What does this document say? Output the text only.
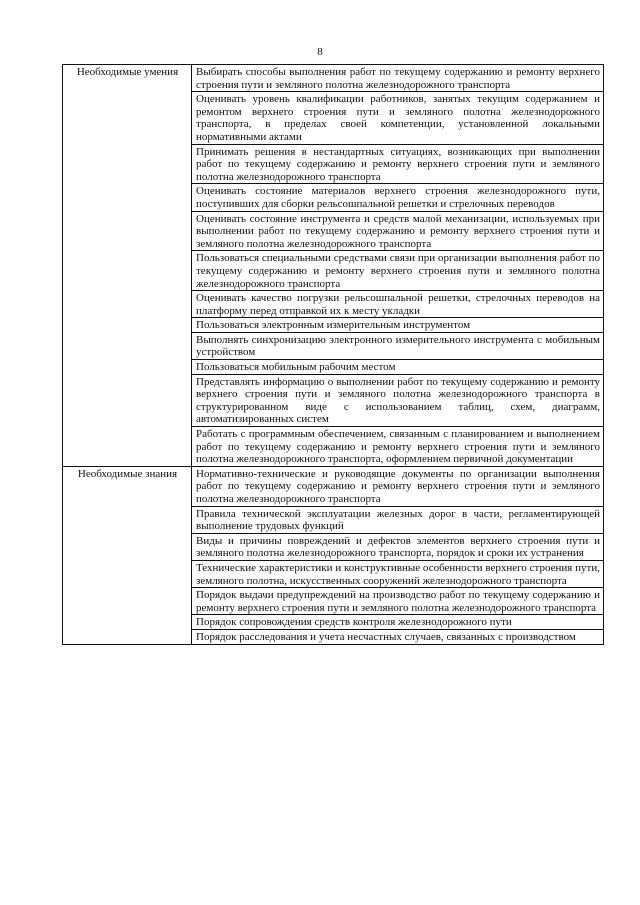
8
Необходимые умения	Выбирать способы выполнения работ по текущему содержанию и ремонту верхнего строения пути и земляного полотна железнодорожного транспорта
	Оценивать уровень квалификации работников, занятых текущим содержанием и ремонтом верхнего строения пути и земляного полотна железнодорожного транспорта, в пределах своей компетенции, установленной локальными нормативными актами
	Принимать решения в нестандартных ситуациях, возникающих при выполнении работ по текущему содержанию и ремонту верхнего строения пути и земляного полотна железнодорожного транспорта
	Оценивать состояние материалов верхнего строения железнодорожного пути, поступивших для сборки рельсошпальной решетки и стрелочных переводов
	Оценивать состояние инструмента и средств малой механизации, используемых при выполнении работ по текущему содержанию и ремонту верхнего строения пути и земляного полотна железнодорожного транспорта
	Пользоваться специальными средствами связи при организации выполнения работ по текущему содержанию и ремонту верхнего строения пути и земляного полотна железнодорожного транспорта
	Оценивать качество погрузки рельсошпальной решетки, стрелочных переводов на платформу перед отправкой их к месту укладки
	Пользоваться электронным измерительным инструментом
	Выполнять синхронизацию электронного измерительного инструмента с мобильным устройством
	Пользоваться мобильным рабочим местом
	Представлять информацию о выполнении работ по текущему содержанию и ремонту верхнего строения пути и земляного полотна железнодорожного транспорта в структурированном виде с использованием таблиц, схем, диаграмм, автоматизированных систем
	Работать с программным обеспечением, связанным с планированием и выполнением работ по текущему содержанию и ремонту верхнего строения пути и земляного полотна железнодорожного транспорта, оформлением первичной документации
Необходимые знания	Нормативно-технические и руководящие документы по организации выполнения работ по текущему содержанию и ремонту верхнего строения пути и земляного полотна железнодорожного транспорта
	Правила технической эксплуатации железных дорог в части, регламентирующей выполнение трудовых функций
	Виды и причины повреждений и дефектов элементов верхнего строения пути и земляного полотна железнодорожного транспорта, порядок и сроки их устранения
	Технические характеристики и конструктивные особенности верхнего строения пути, земляного полотна, искусственных сооружений железнодорожного транспорта
	Порядок выдачи предупреждений на производство работ по текущему содержанию и ремонту верхнего строения пути и земляного полотна железнодорожного транспорта
	Порядок сопровождения средств контроля железнодорожного пути
	Порядок расследования и учета несчастных случаев, связанных с производством
